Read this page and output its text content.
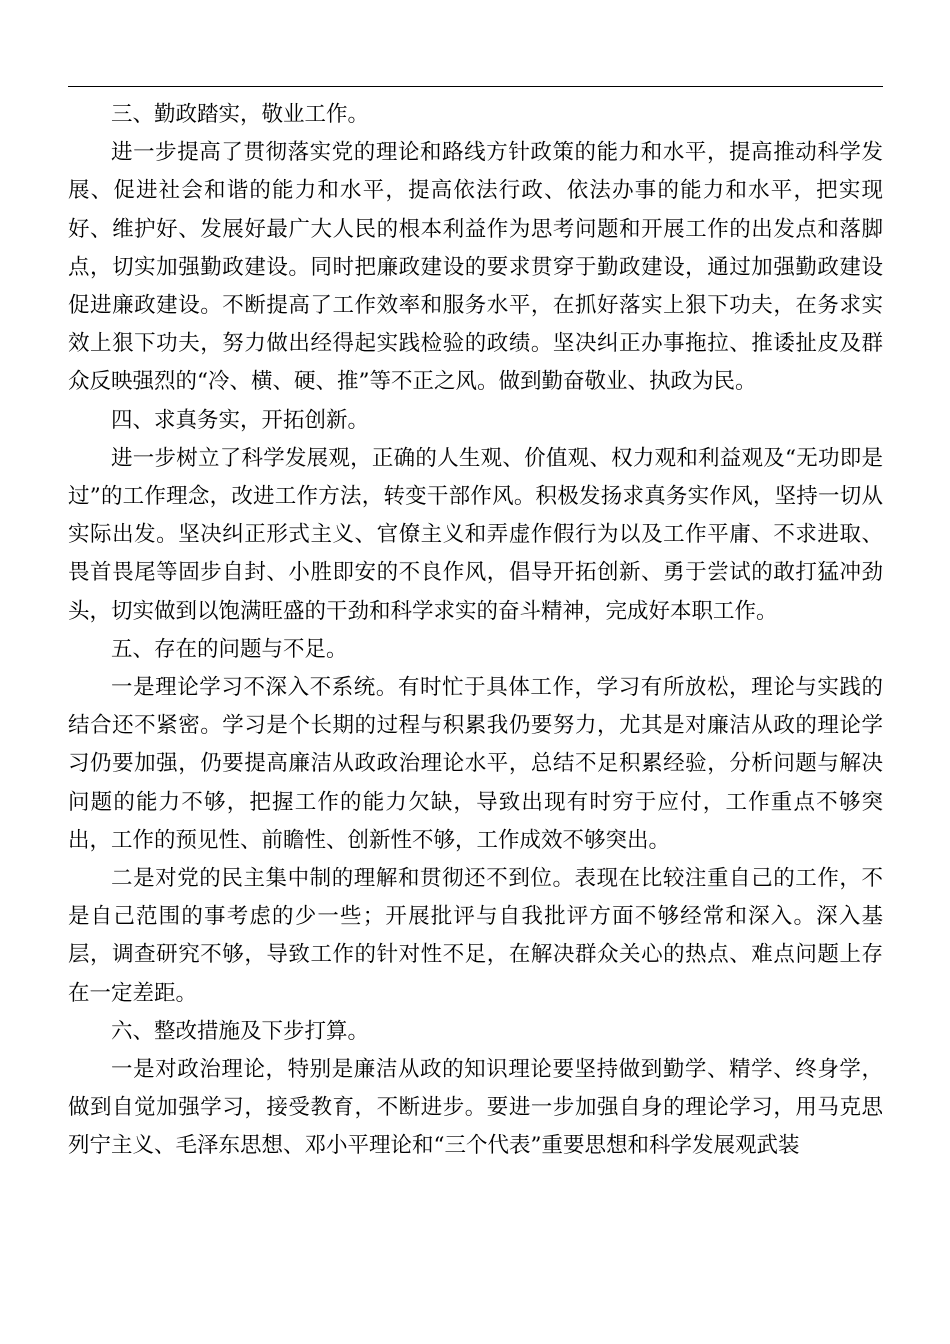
三、勤政踏实，敬业工作。

进一步提高了贯彻落实党的理论和路线方针政策的能力和水平，提高推动科学发展、促进社会和谐的能力和水平，提高依法行政、依法办事的能力和水平，把实现好、维护好、发展好最广大人民的根本利益作为思考问题和开展工作的出发点和落脚点，切实加强勤政建设。同时把廉政建设的要求贯穿于勤政建设，通过加强勤政建设促进廉政建设。不断提高了工作效率和服务水平，在抓好落实上狠下功夫，在务求实效上狠下功夫，努力做出经得起实践检验的政绩。坚决纠正办事拖拉、推诿扯皮及群众反映强烈的“冷、横、硬、推”等不正之风。做到勤奋敬业、执政为民。

四、求真务实，开拓创新。

进一步树立了科学发展观，正确的人生观、价值观、权力观和利益观及“无功即是过”的工作理念，改进工作方法，转变干部作风。积极发扬求真务实作风，坚持一切从实际出发。坚决纠正形式主义、官僚主义和弄虚作假行为以及工作平庸、不求进取、畏首畏尾等固步自封、小胜即安的不良作风，倡导开拓创新、勇于尝试的敢打猛冲劲头，切实做到以饱满旺盛的干劲和科学求实的奋斗精神，完成好本职工作。

五、存在的问题与不足。

一是理论学习不深入不系统。有时忙于具体工作，学习有所放松，理论与实践的结合还不紧密。学习是个长期的过程与积累我仍要努力，尤其是对廉洁从政的理论学习仍要加强，仍要提高廉洁从政政治理论水平，总结不足积累经验，分析问题与解决问题的能力不够，把握工作的能力欠缺，导致出现有时穷于应付，工作重点不够突出，工作的预见性、前瞻性、创新性不够，工作成效不够突出。

二是对党的民主集中制的理解和贯彻还不到位。表现在比较注重自己的工作，不是自己范围的事考虑的少一些；开展批评与自我批评方面不够经常和深入。深入基层，调查研究不够，导致工作的针对性不足，在解决群众关心的热点、难点问题上存在一定差距。

六、整改措施及下步打算。

一是对政治理论，特别是廉洁从政的知识理论要坚持做到勤学、精学、终身学，做到自觉加强学习，接受教育，不断进步。要进一步加强自身的理论学习，用马克思列宁主义、毛泽东思想、邓小平理论和“三个代表”重要思想和科学发展观武装
